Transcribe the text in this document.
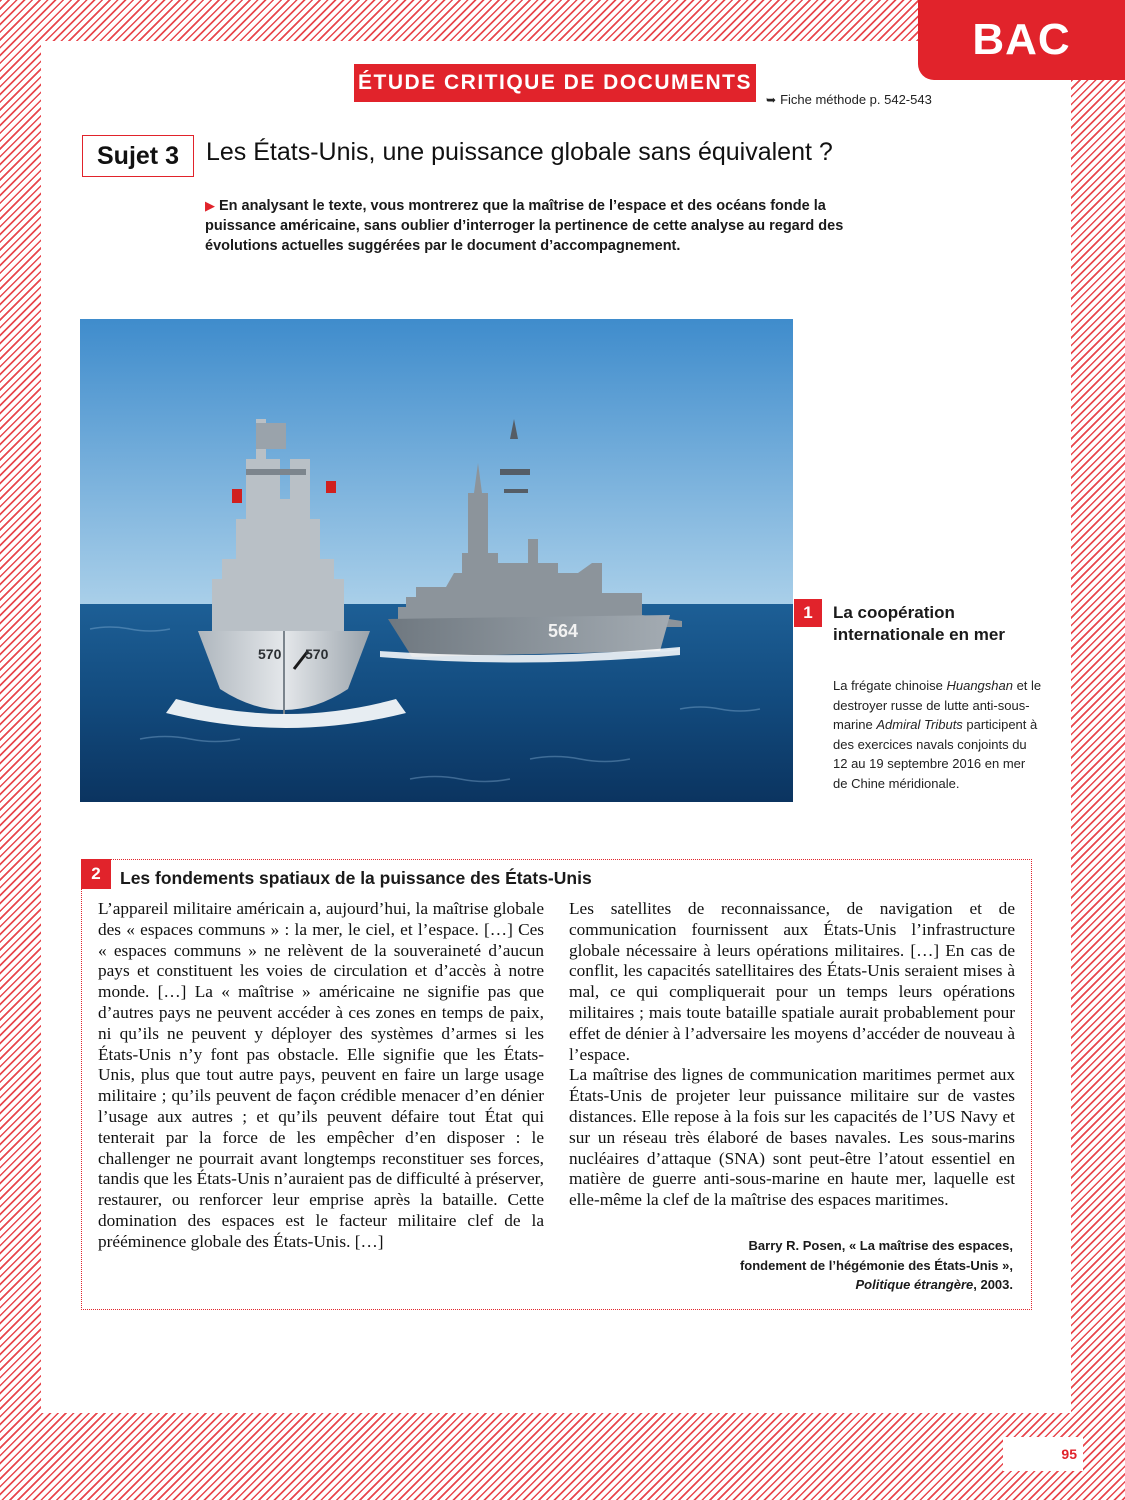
BAC
ÉTUDE CRITIQUE DE DOCUMENTS
➥ Fiche méthode p. 542-543
Sujet 3	Les États-Unis, une puissance globale sans équivalent ?
▶ En analysant le texte, vous montrerez que la maîtrise de l’espace et des océans fonde la puissance américaine, sans oublier d’interroger la pertinence de cette analyse au regard des évolutions actuelles suggérées par le document d’accompagnement.
570 570
564
1	La coopération internationale en mer
La frégate chinoise Huangshan et le destroyer russe de lutte anti-sous-marine Admiral Tributs participent à des exercices navals conjoints du 12 au 19 septembre 2016 en mer de Chine méridionale.
2	Les fondements spatiaux de la puissance des États-Unis

L’appareil militaire américain a, aujourd’hui, la maîtrise globale des « espaces communs » : la mer, le ciel, et l’espace. […] Ces « espaces communs » ne relèvent de la souveraineté d’aucun pays et constituent les voies de circulation et d’accès à notre monde. […] La « maîtrise » américaine ne signifie pas que d’autres pays ne peuvent accéder à ces zones en temps de paix, ni qu’ils ne peuvent y déployer des systèmes d’armes si les États-Unis n’y font pas obstacle. Elle signifie que les États-Unis, plus que tout autre pays, peuvent en faire un large usage militaire ; qu’ils peuvent de façon crédible menacer d’en dénier l’usage aux autres ; et qu’ils peuvent défaire tout État qui tenterait par la force de les empêcher d’en disposer : le challenger ne pourrait avant longtemps reconstituer ses forces, tandis que les États-Unis n’auraient pas de difficulté à préserver, restaurer, ou renforcer leur emprise après la bataille. Cette domination des espaces est le facteur militaire clef de la prééminence globale des États-Unis. […]

Les satellites de reconnaissance, de navigation et de communication fournissent aux États-Unis l’infrastructure globale nécessaire à leurs opérations militaires. […] En cas de conflit, les capacités satellitaires des États-Unis seraient mises à mal, ce qui compliquerait pour un temps leurs opérations militaires ; mais toute bataille spatiale aurait probablement pour effet de dénier à l’adversaire les moyens d’accéder de nouveau à l’espace.

La maîtrise des lignes de communication maritimes permet aux États-Unis de projeter leur puissance militaire sur de vastes distances. Elle repose à la fois sur les capacités de l’US Navy et sur un réseau très élaboré de bases navales. Les sous-marins nucléaires d’attaque (SNA) sont peut-être l’atout essentiel en matière de guerre anti-sous-marine en haute mer, laquelle est elle-même la clef de la maîtrise des espaces maritimes.

Barry R. Posen, « La maîtrise des espaces,
fondement de l’hégémonie des États-Unis »,
Politique étrangère, 2003.
95
